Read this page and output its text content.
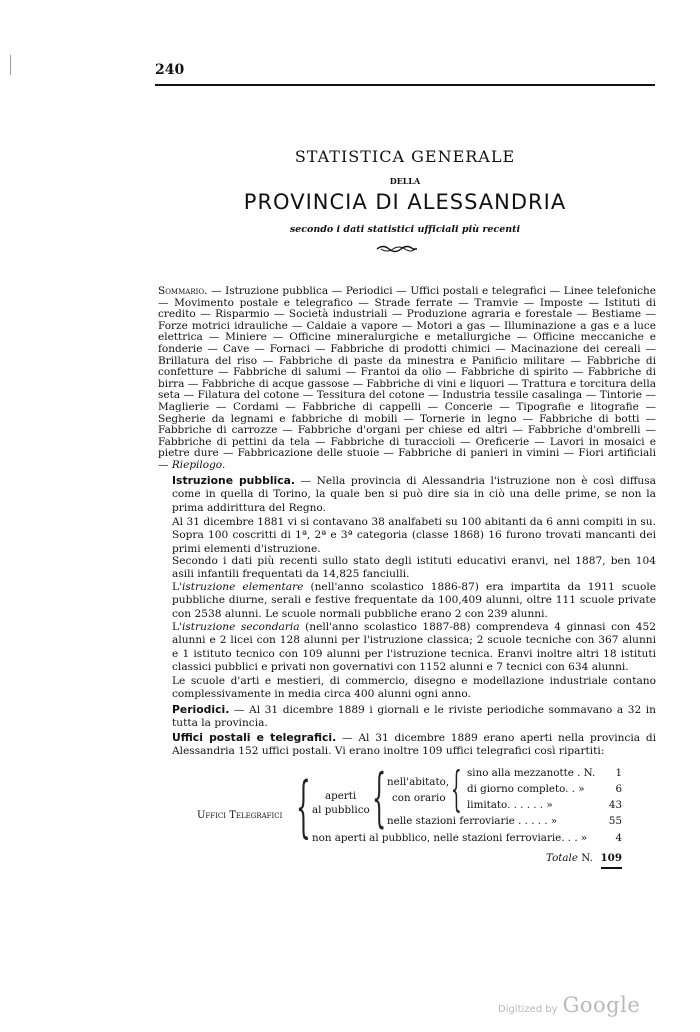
240
STATISTICA GENERALE
DELLA
PROVINCIA DI ALESSANDRIA
secondo i dati statistici ufficiali più recenti
Sommario. — Istruzione pubblica — Periodici — Uffici postali e telegrafici — Linee telefoniche — Movimento postale e telegrafico — Strade ferrate — Tramvie — Imposte — Istituti di credito — Risparmio — Società industriali — Produzione agraria e forestale — Bestiame — Forze motrici idrauliche — Caldaie a vapore — Motori a gas — Illuminazione a gas e a luce elettrica — Miniere — Officine mineralurgiche e metallurgiche — Officine meccaniche e fonderie — Cave — Fornaci — Fabbriche di prodotti chimici — Macinazione dei cereali — Brillatura del riso — Fabbriche di paste da minestra e Panificio militare — Fabbriche di confetture — Fabbriche di salumi — Frantoi da olio — Fabbriche di spirito — Fabbriche di birra — Fabbriche di acque gassose — Fabbriche di vini e liquori — Trattura e torcitura della seta — Filatura del cotone — Tessitura del cotone — Industria tessile casalinga — Tintorie — Maglierie — Cordami — Fabbriche di cappelli — Concerie — Tipografie e litografie — Segherie da legnami e fabbriche di mobili — Tornerie in legno — Fabbriche di botti — Fabbriche di carrozze — Fabbriche d'organi per chiese ed altri — Fabbriche d'ombrelli — Fabbriche di pettini da tela — Fabbriche di turaccioli — Oreficerie — Lavori in mosaici e pietre dure — Fabbricazione delle stuoie — Fabbriche di panieri in vimini — Fiori artificiali — Riepilogo.
Istruzione pubblica. — Nella provincia di Alessandria l'istruzione non è così diffusa come in quella di Torino, la quale ben si può dire sia in ciò una delle prime, se non la prima addirittura del Regno.
Al 31 dicembre 1881 vi si contavano 38 analfabeti su 100 abitanti da 6 anni compiti in su. Sopra 100 coscritti di 1ª, 2ª e 3ª categoria (classe 1868) 16 furono trovati mancanti dei primi elementi d'istruzione.
Secondo i dati più recenti sullo stato degli istituti educativi eranvi, nel 1887, ben 104 asili infantili frequentati da 14,825 fanciulli.
L'istruzione elementare (nell'anno scolastico 1886-87) era impartita da 1911 scuole pubbliche diurne, serali e festive frequentate da 100,409 alunni, oltre 111 scuole private con 2538 alunni. Le scuole normali pubbliche erano 2 con 239 alunni.
L'istruzione secondaria (nell'anno scolastico 1887-88) comprendeva 4 ginnasi con 452 alunni e 2 licei con 128 alunni per l'istruzione classica; 2 scuole tecniche con 367 alunni e 1 istituto tecnico con 109 alunni per l'istruzione tecnica. Eranvi inoltre altri 18 istituti classici pubblici e privati non governativi con 1152 alunni e 7 tecnici con 634 alunni.
Le scuole d'arti e mestieri, di commercio, disegno e modellazione industriale contano complessivamente in media circa 400 alunni ogni anno.
Periodici. — Al 31 dicembre 1889 i giornali e le riviste periodiche sommavano a 32 in tutta la provincia.
Uffici postali e telegrafici. — Al 31 dicembre 1889 erano aperti nella provincia di Alessandria 152 uffici postali. Vi erano inoltre 109 uffici telegrafici così ripartiti:
Uffici Telegrafici { aperti
al pubblico { nell'abitato,
con orario { sino alla mezzanotte . N.	1
di giorno completo. . »	6
limitato. . . . . . »	43
nelle stazioni ferroviarie . . . . . »	55
non aperti al pubblico, nelle stazioni ferroviarie. . . »	4
Totale N. 109
Digitized by Google
